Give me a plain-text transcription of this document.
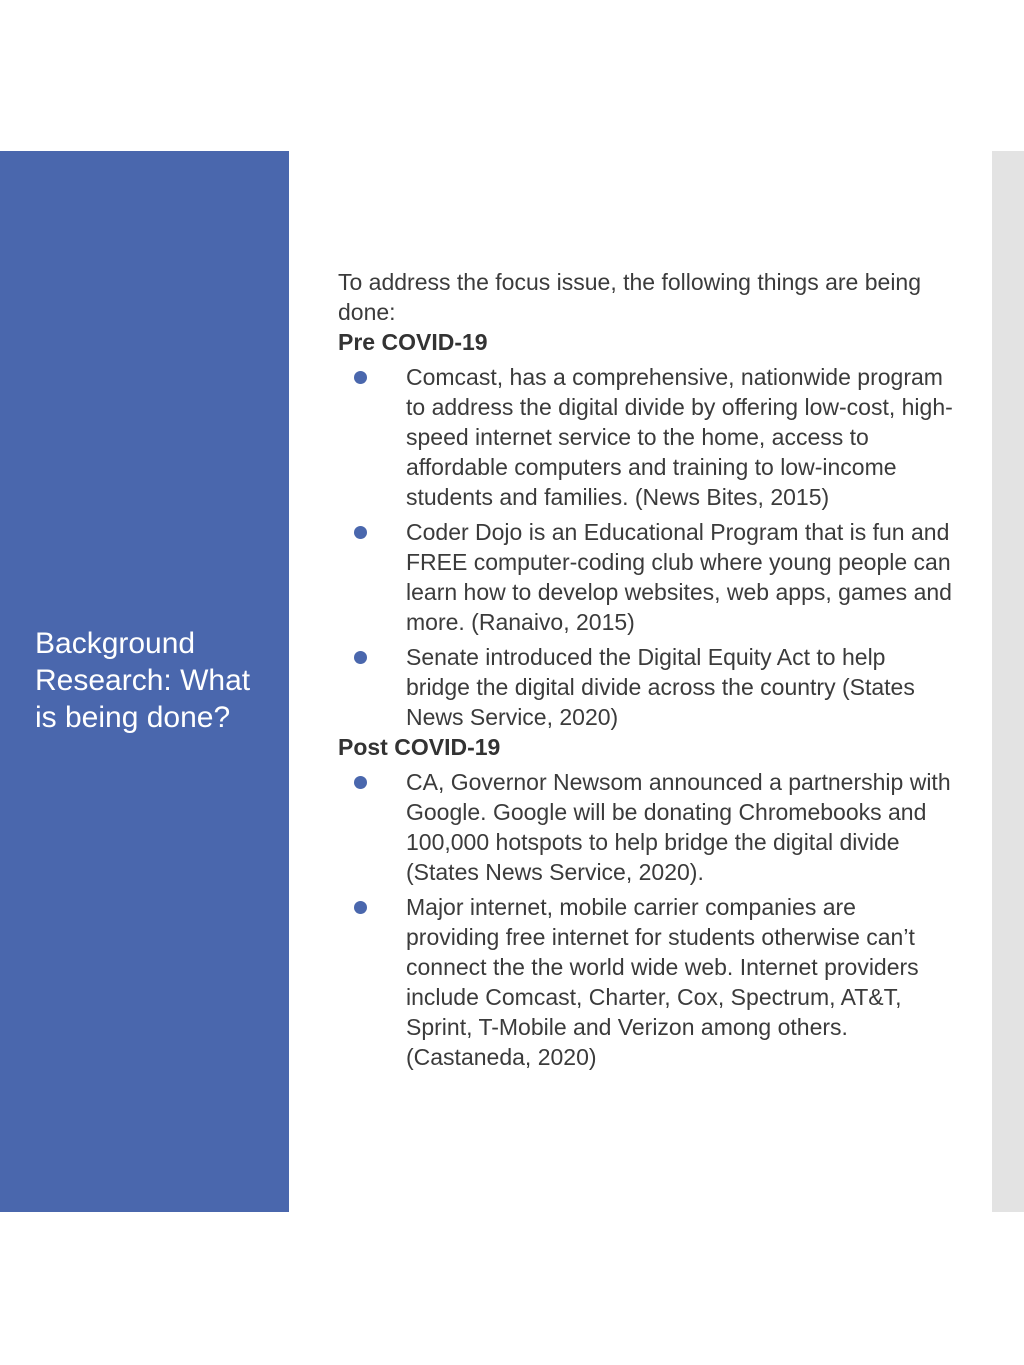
Background Research: What is being done?

To address the focus issue, the following things are being done:

Pre COVID-19
Comcast, has a comprehensive, nationwide program to address the digital divide by offering low-cost, high-speed internet service to the home, access to affordable computers and training to low-income students and families. (News Bites, 2015)
Coder Dojo is an Educational Program that is fun and FREE computer-coding club where young people can learn how to develop websites, web apps, games and more. (Ranaivo, 2015)
Senate introduced the Digital Equity Act to help bridge the digital divide across the country (States News Service, 2020)
Post COVID-19
CA, Governor Newsom announced a partnership with Google. Google will be donating Chromebooks and 100,000 hotspots to help bridge the digital divide (States News Service, 2020).
Major internet, mobile carrier companies are providing free internet for students otherwise can’t connect the the world wide web. Internet providers include Comcast, Charter, Cox, Spectrum, AT&T, Sprint, T-Mobile and Verizon among others. (Castaneda, 2020)
